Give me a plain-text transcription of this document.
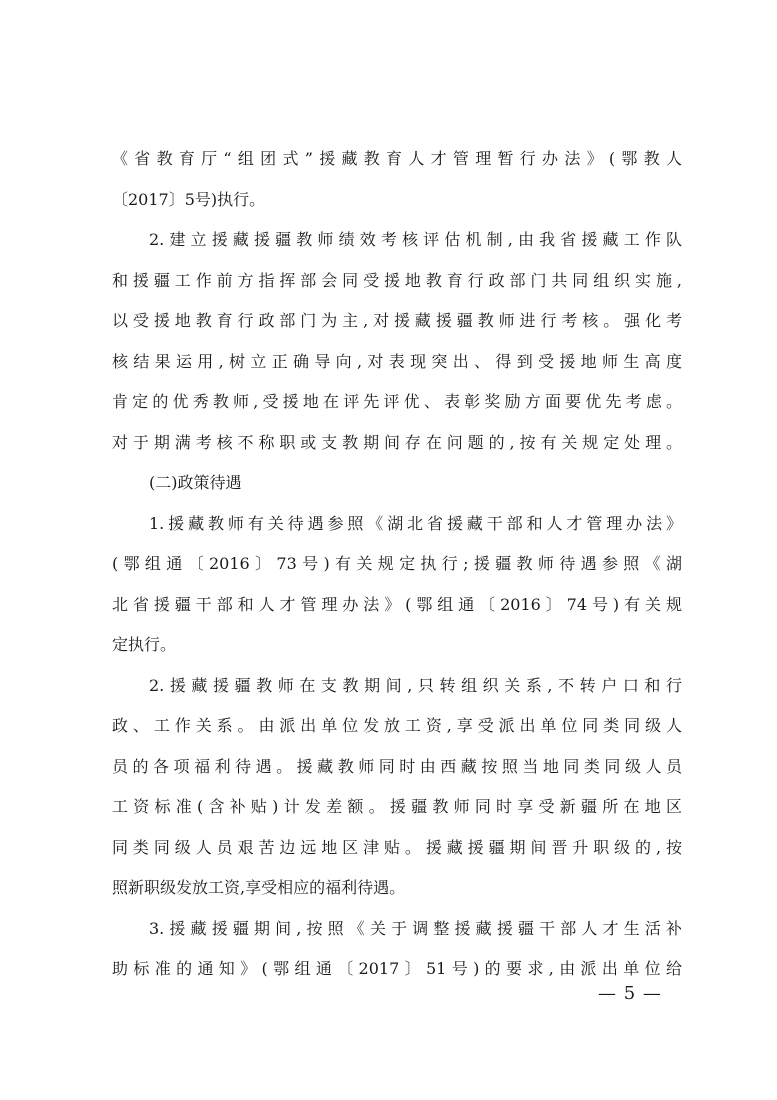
《省教育厅“组团式”援藏教育人才管理暂行办法》(鄂教人
〔2017〕5号)执行。
2.建立援藏援疆教师绩效考核评估机制,由我省援藏工作队
和援疆工作前方指挥部会同受援地教育行政部门共同组织实施,
以受援地教育行政部门为主,对援藏援疆教师进行考核。强化考
核结果运用,树立正确导向,对表现突出、得到受援地师生高度
肯定的优秀教师,受援地在评先评优、表彰奖励方面要优先考虑。
对于期满考核不称职或支教期间存在问题的,按有关规定处理。
(二)政策待遇
1.援藏教师有关待遇参照《湖北省援藏干部和人才管理办法》
(鄂组通〔2016〕73号)有关规定执行;援疆教师待遇参照《湖
北省援疆干部和人才管理办法》(鄂组通〔2016〕74号)有关规
定执行。
2.援藏援疆教师在支教期间,只转组织关系,不转户口和行
政、工作关系。由派出单位发放工资,享受派出单位同类同级人
员的各项福利待遇。援藏教师同时由西藏按照当地同类同级人员
工资标准(含补贴)计发差额。援疆教师同时享受新疆所在地区
同类同级人员艰苦边远地区津贴。援藏援疆期间晋升职级的,按
照新职级发放工资,享受相应的福利待遇。
3.援藏援疆期间,按照《关于调整援藏援疆干部人才生活补
助标准的通知》(鄂组通〔2017〕51号)的要求,由派出单位给
— 5 —
